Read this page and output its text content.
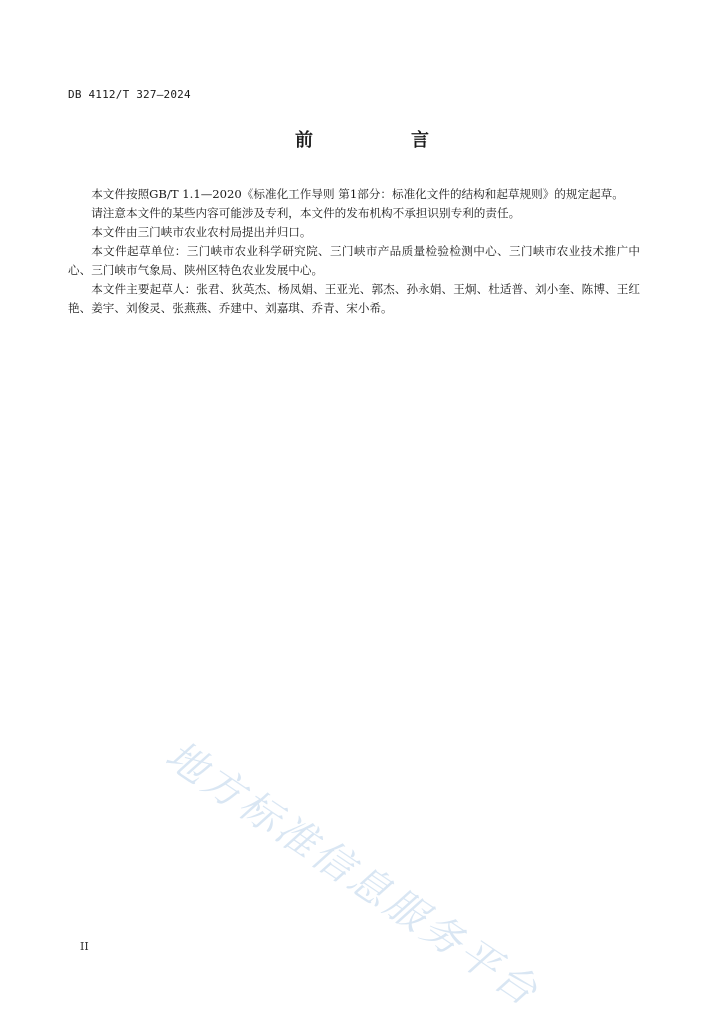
DB 4112/T 327—2024
前　言

本文件按照GB/T 1.1—2020《标准化工作导则 第1部分：标准化文件的结构和起草规则》的规定起草。

请注意本文件的某些内容可能涉及专利，本文件的发布机构不承担识别专利的责任。

本文件由三门峡市农业农村局提出并归口。

本文件起草单位：三门峡市农业科学研究院、三门峡市产品质量检验检测中心、三门峡市农业技术推广中心、三门峡市气象局、陕州区特色农业发展中心。

本文件主要起草人：张君、狄英杰、杨凤娟、王亚光、郭杰、孙永娟、王炯、杜适普、刘小奎、陈博、王红艳、姜宇、刘俊灵、张燕燕、乔建中、刘嘉琪、乔青、宋小希。

地方标准信息服务平台
II
